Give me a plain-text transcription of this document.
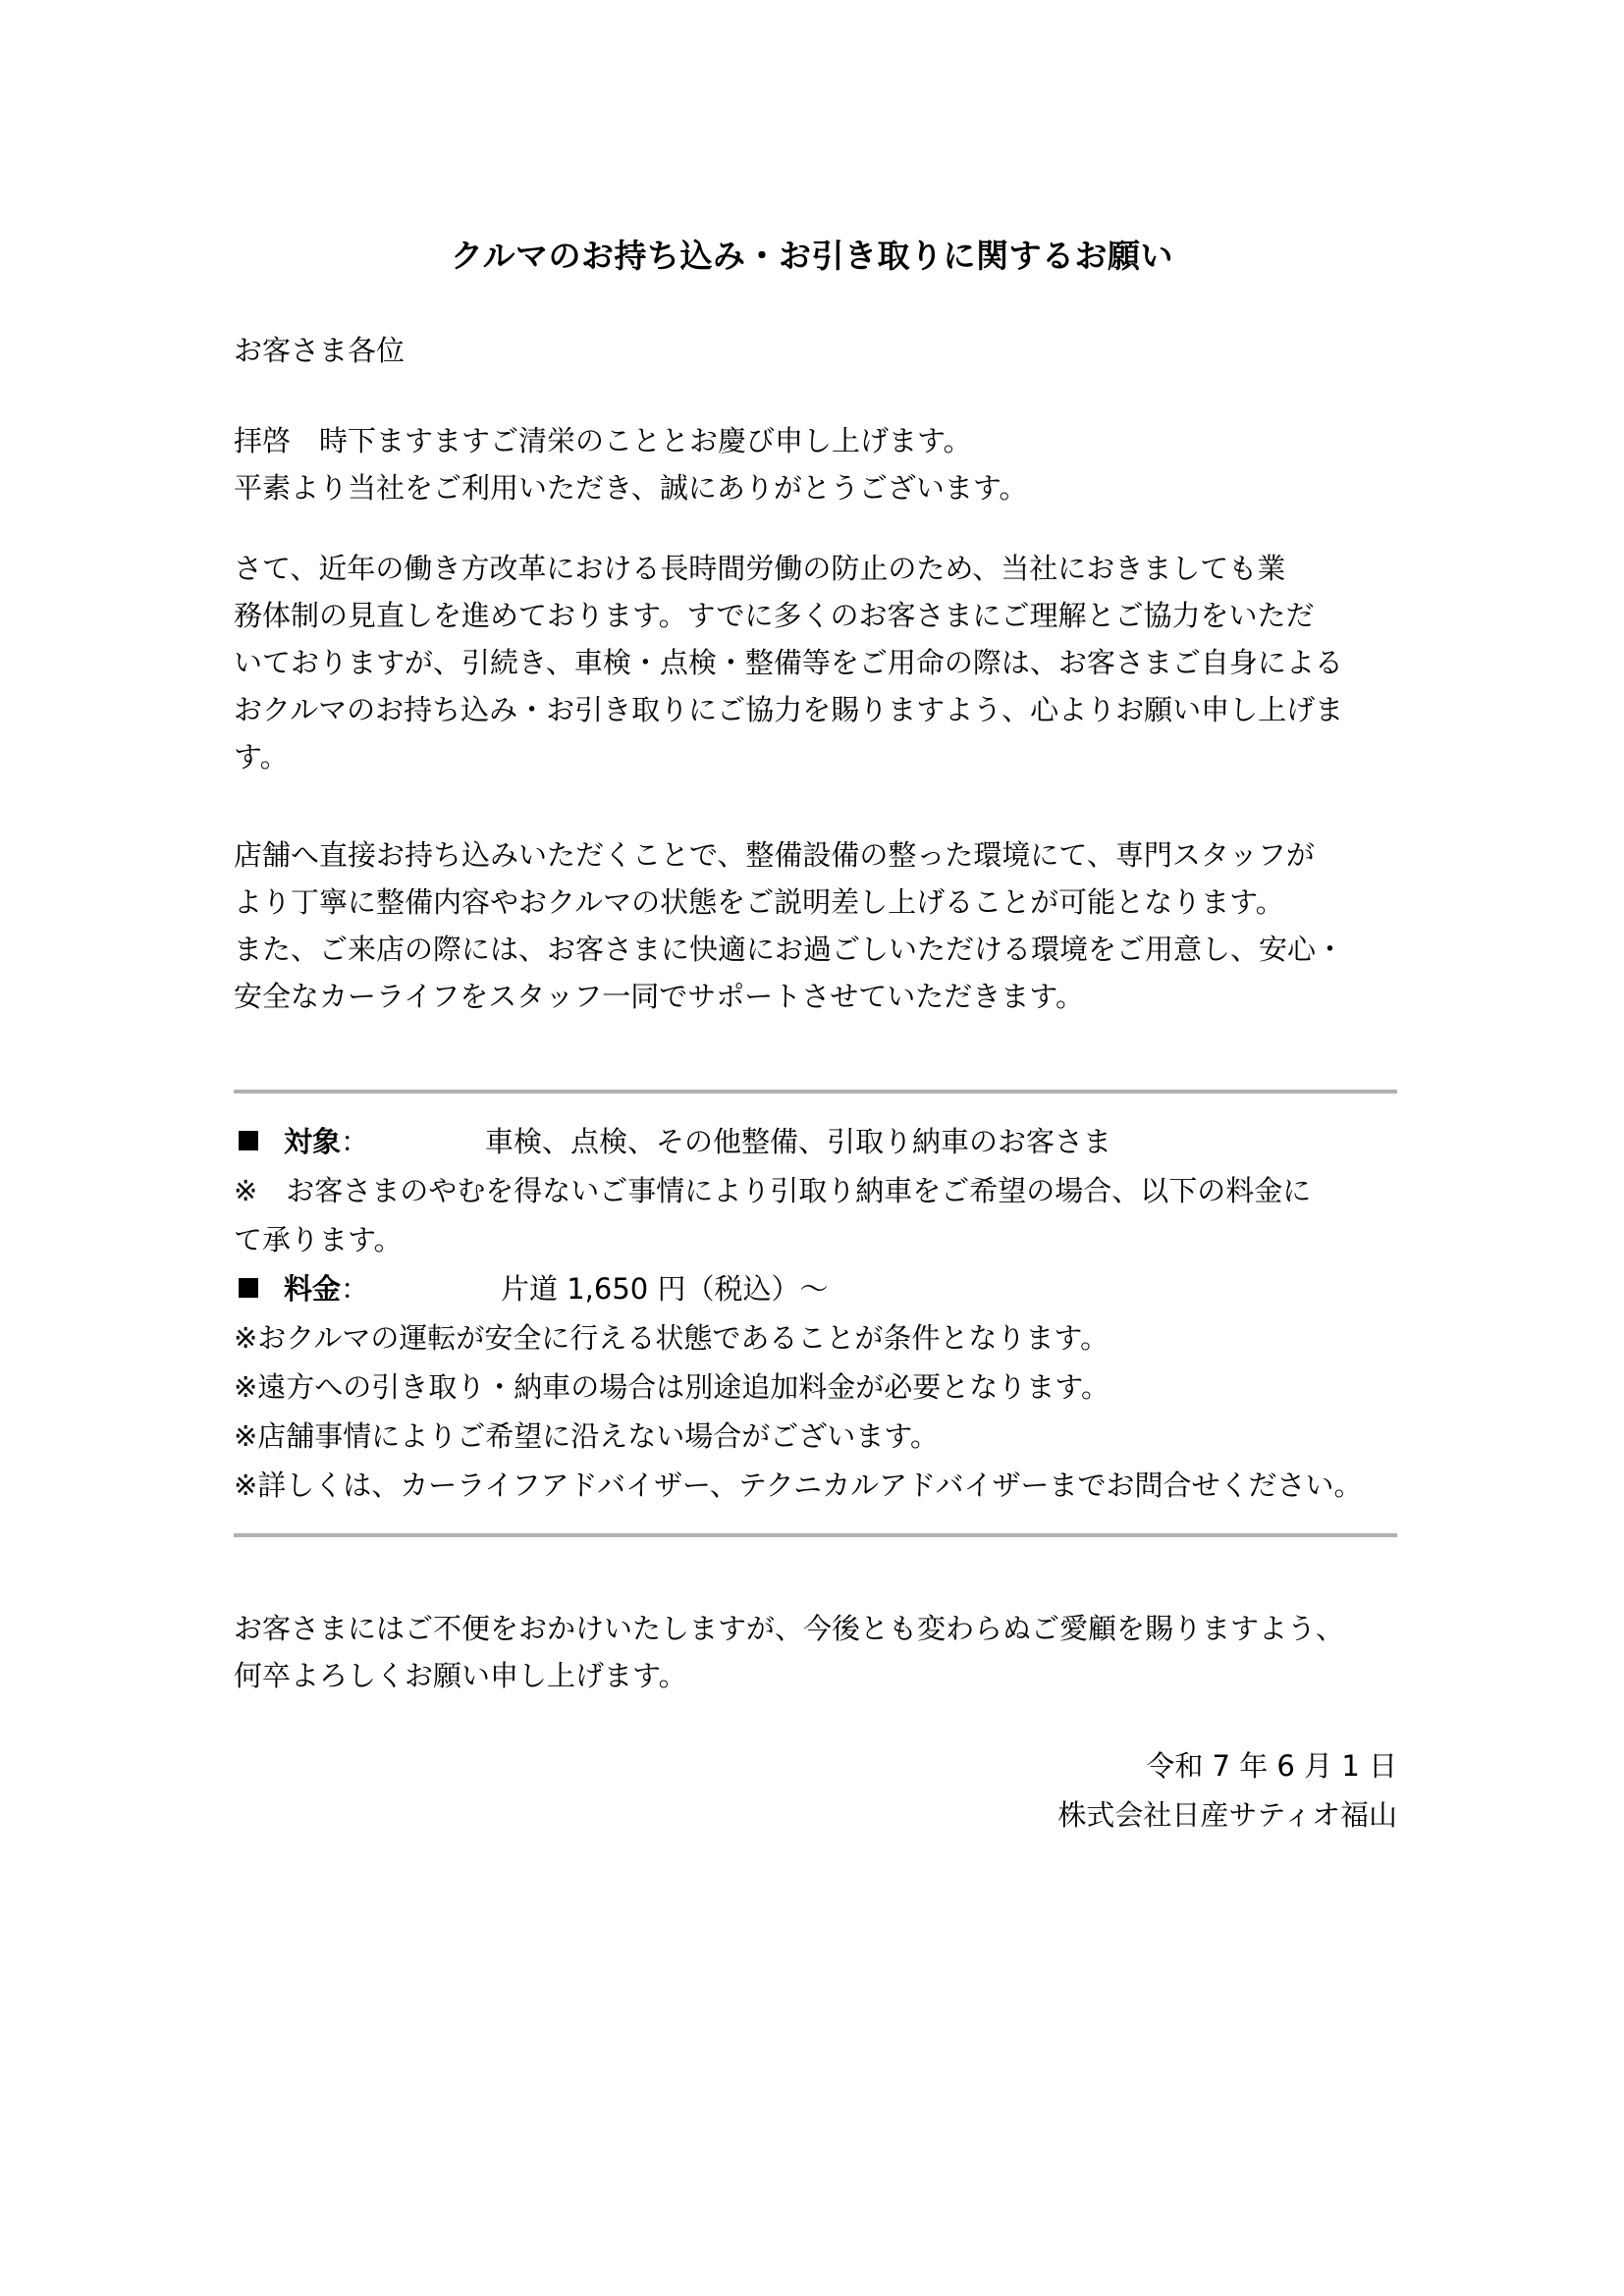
クルマのお持ち込み・お引き取りに関するお願い
お客さま各位
拝啓　時下ますますご清栄のこととお慶び申し上げます。
平素より当社をご利用いただき、誠にありがとうございます。
さて、近年の働き方改革における長時間労働の防止のため、当社におきましても業
務体制の見直しを進めております。すでに多くのお客さまにご理解とご協力をいただ
いておりますが、引続き、車検・点検・整備等をご用命の際は、お客さまご自身による
おクルマのお持ち込み・お引き取りにご協力を賜りますよう、心よりお願い申し上げま
す。
店舗へ直接お持ち込みいただくことで、整備設備の整った環境にて、専門スタッフが
より丁寧に整備内容やおクルマの状態をご説明差し上げることが可能となります。
また、ご来店の際には、お客さまに快適にお過ごしいただける環境をご用意し、安心・
安全なカーライフをスタッフ一同でサポートさせていただきます。
対象：	車検、点検、その他整備、引取り納車のお客さま
※　お客さまのやむを得ないご事情により引取り納車をご希望の場合、以下の料金に
て承ります。
料金：	片道 1,650 円（税込）～
※おクルマの運転が安全に行える状態であることが条件となります。
※遠方への引き取り・納車の場合は別途追加料金が必要となります。
※店舗事情によりご希望に沿えない場合がございます。
※詳しくは、カーライフアドバイザー、テクニカルアドバイザーまでお問合せください。
お客さまにはご不便をおかけいたしますが、今後とも変わらぬご愛顧を賜りますよう、
何卒よろしくお願い申し上げます。
令和 7 年 6 月 1 日
株式会社日産サティオ福山
